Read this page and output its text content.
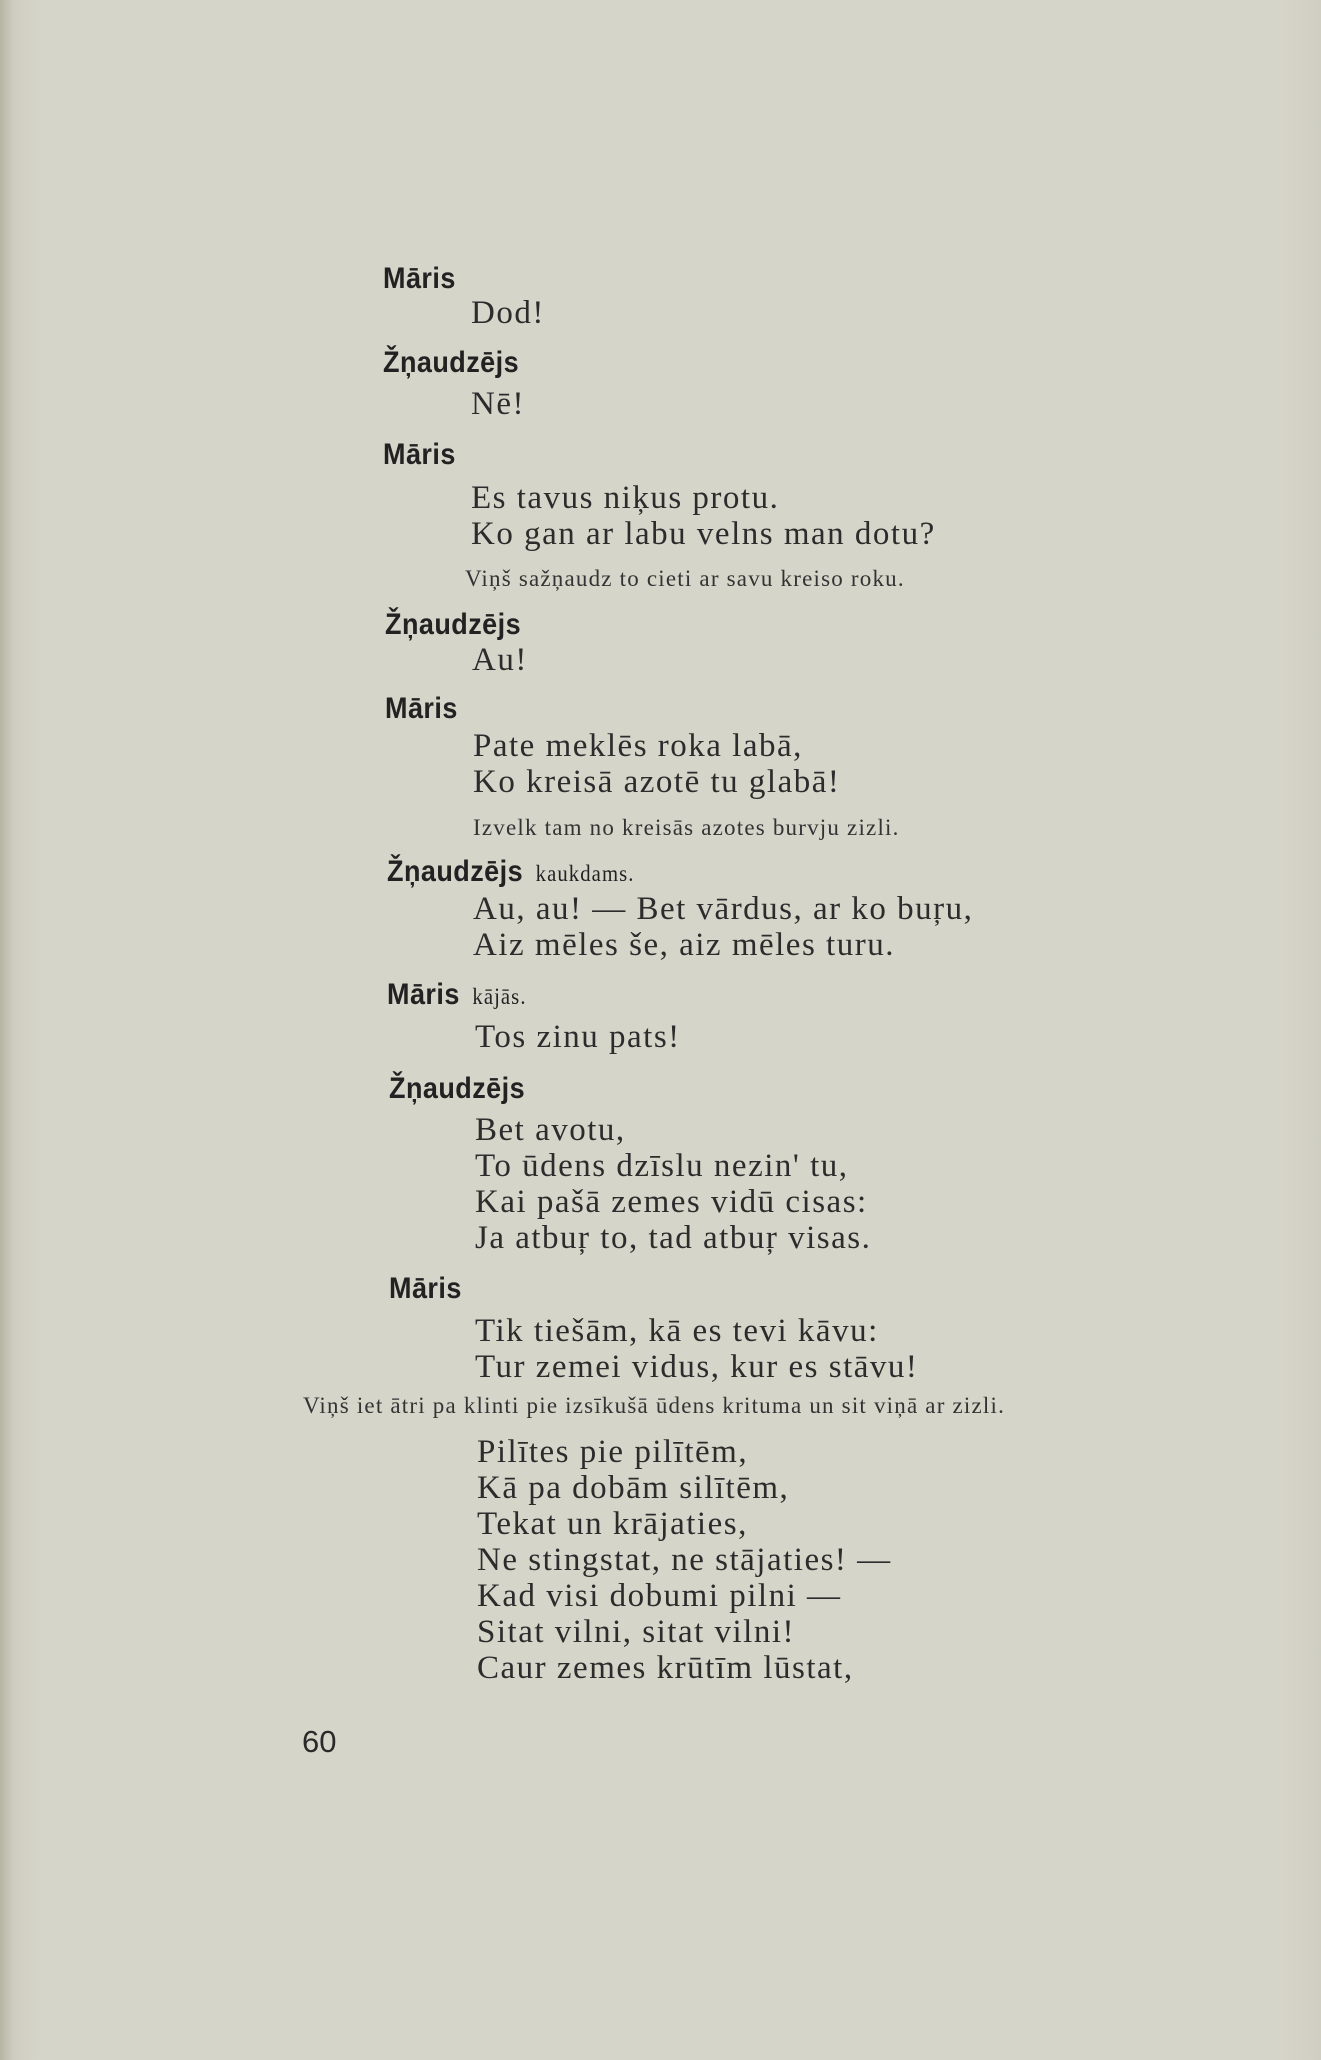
Māris
Dod!
Žņaudzējs
Nē!
Māris
Es tavus niķus protu.
Ko gan ar labu velns man dotu?
Viņš sažņaudz to cieti ar savu kreiso roku.
Žņaudzējs
Au!
Māris
Pate meklēs roka labā,
Ko kreisā azotē tu glabā!
Izvelk tam no kreisās azotes burvju zizli.
Žņaudzējs kaukdams.
Au, au! — Bet vārdus, ar ko buŗu,
Aiz mēles še, aiz mēles turu.
Māris kājās.
Tos zinu pats!
Žņaudzējs
Bet avotu,
To ūdens dzīslu nezin' tu,
Kai pašā zemes vidū cisas:
Ja atbuŗ to, tad atbuŗ visas.
Māris
Tik tiešām, kā es tevi kāvu:
Tur zemei vidus, kur es stāvu!
Viņš iet ātri pa klinti pie izsīkušā ūdens krituma un sit viņā ar zizli.
Pilītes pie pilītēm,
Kā pa dobām silītēm,
Tekat un krājaties,
Ne stingstat, ne stājaties! —
Kad visi dobumi pilni —
Sitat vilni, sitat vilni!
Caur zemes krūtīm lūstat,
60
